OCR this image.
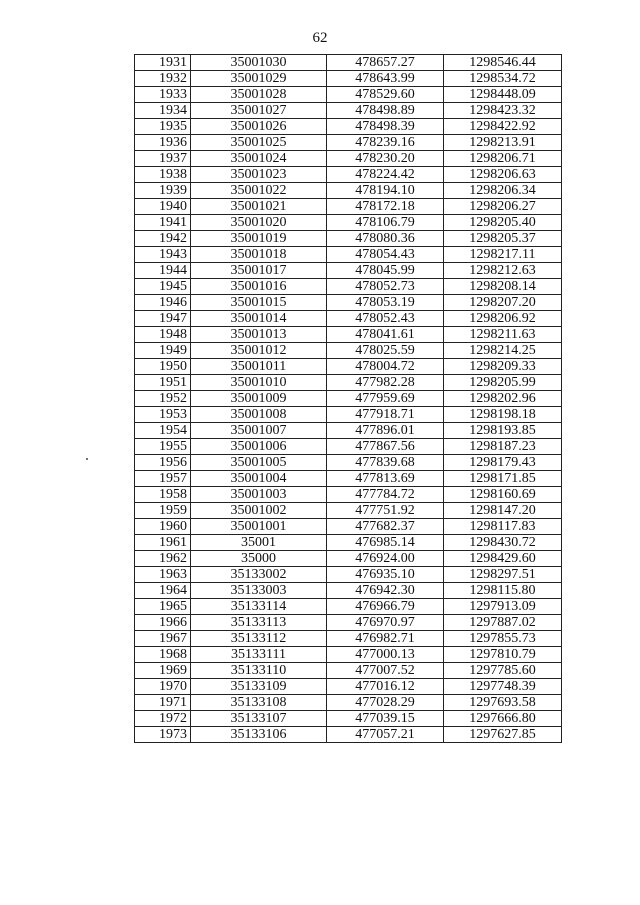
62
1931	35001030	478657.27	1298546.44
1932	35001029	478643.99	1298534.72
1933	35001028	478529.60	1298448.09
1934	35001027	478498.89	1298423.32
1935	35001026	478498.39	1298422.92
1936	35001025	478239.16	1298213.91
1937	35001024	478230.20	1298206.71
1938	35001023	478224.42	1298206.63
1939	35001022	478194.10	1298206.34
1940	35001021	478172.18	1298206.27
1941	35001020	478106.79	1298205.40
1942	35001019	478080.36	1298205.37
1943	35001018	478054.43	1298217.11
1944	35001017	478045.99	1298212.63
1945	35001016	478052.73	1298208.14
1946	35001015	478053.19	1298207.20
1947	35001014	478052.43	1298206.92
1948	35001013	478041.61	1298211.63
1949	35001012	478025.59	1298214.25
1950	35001011	478004.72	1298209.33
1951	35001010	477982.28	1298205.99
1952	35001009	477959.69	1298202.96
1953	35001008	477918.71	1298198.18
1954	35001007	477896.01	1298193.85
1955	35001006	477867.56	1298187.23
1956	35001005	477839.68	1298179.43
1957	35001004	477813.69	1298171.85
1958	35001003	477784.72	1298160.69
1959	35001002	477751.92	1298147.20
1960	35001001	477682.37	1298117.83
1961	35001	476985.14	1298430.72
1962	35000	476924.00	1298429.60
1963	35133002	476935.10	1298297.51
1964	35133003	476942.30	1298115.80
1965	35133114	476966.79	1297913.09
1966	35133113	476970.97	1297887.02
1967	35133112	476982.71	1297855.73
1968	35133111	477000.13	1297810.79
1969	35133110	477007.52	1297785.60
1970	35133109	477016.12	1297748.39
1971	35133108	477028.29	1297693.58
1972	35133107	477039.15	1297666.80
1973	35133106	477057.21	1297627.85
